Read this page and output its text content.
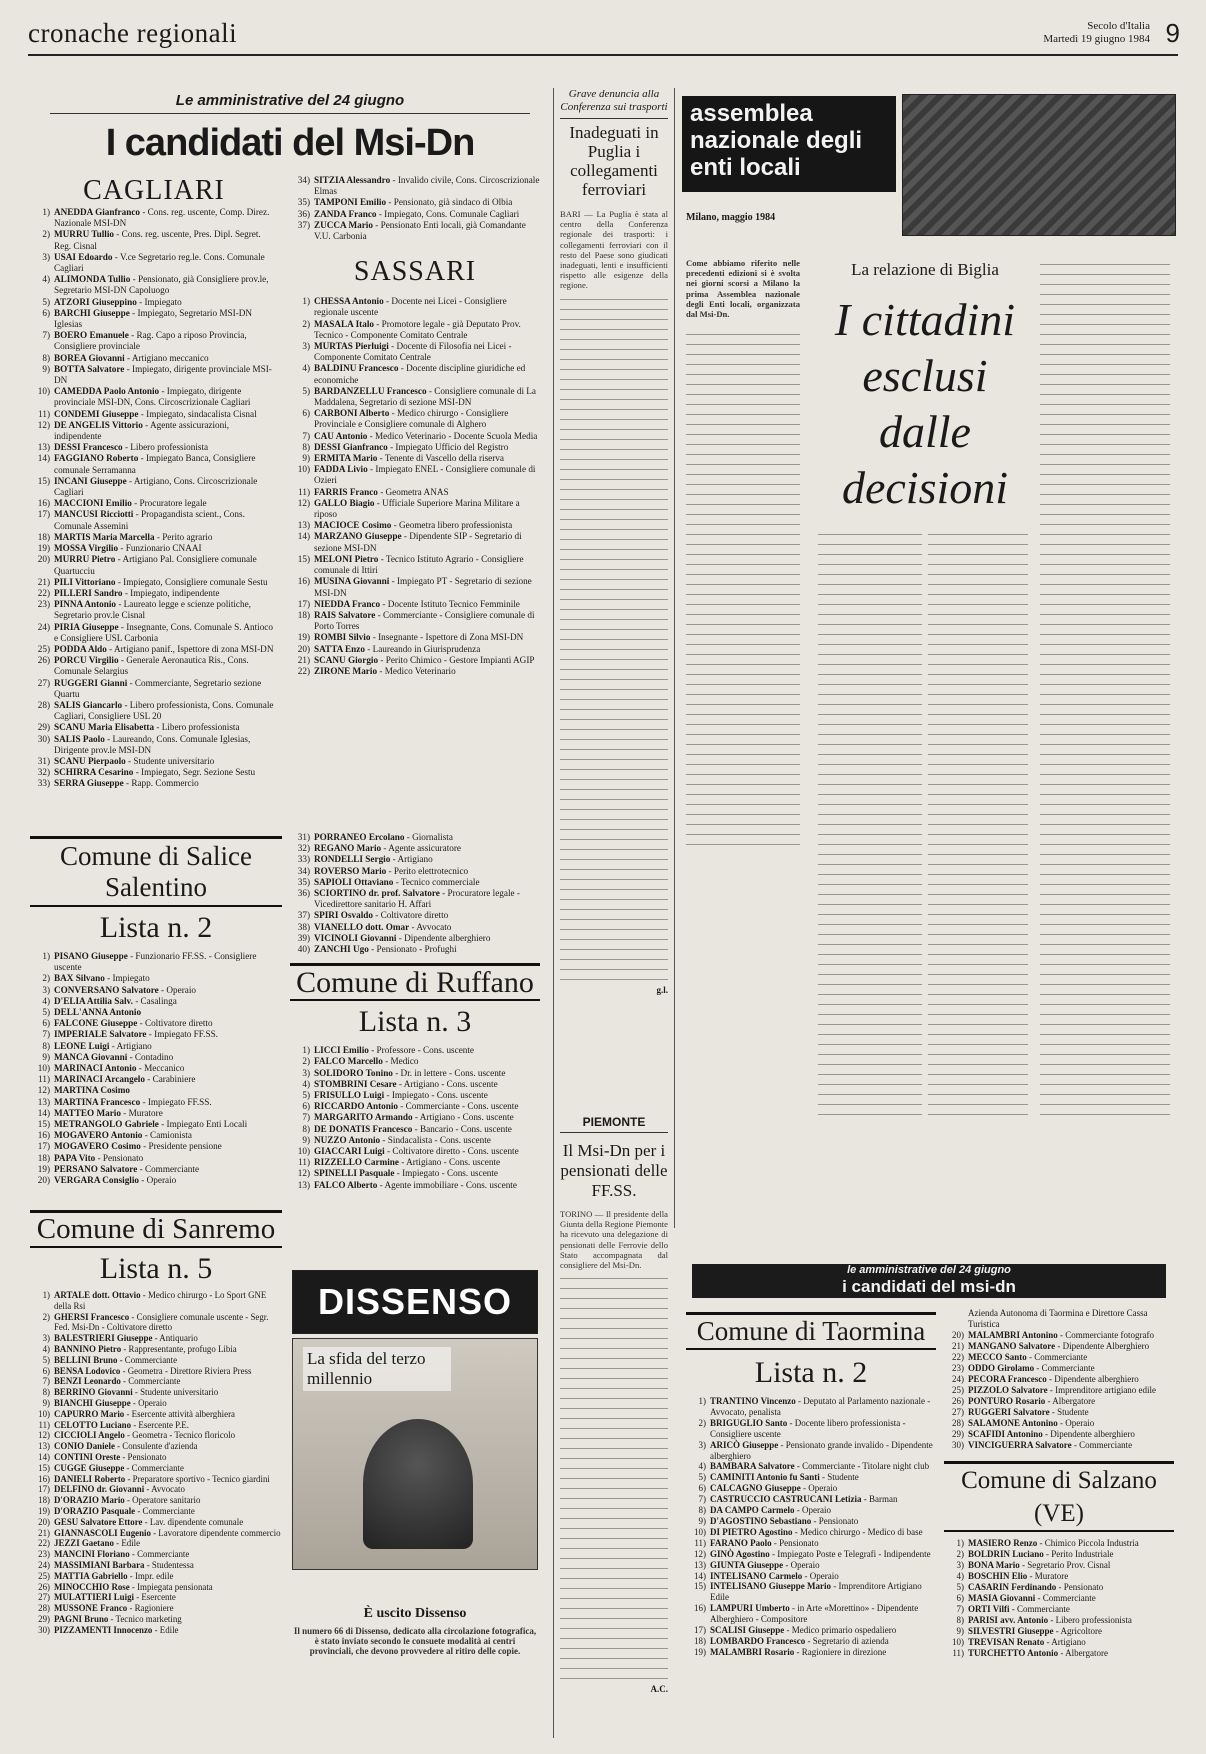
cronache regionali	Secolo d'Italia
Martedì 19 giugno 1984 9
Le amministrative del 24 giugno
I candidati del Msi-Dn
CAGLIARI
1) ANEDDA Gianfranco - Cons. reg. uscente, Comp. Direz. Nazionale MSI-DN
2) MURRU Tullio - Cons. reg. uscente, Pres. Dipl. Segret. Reg. Cisnal
3) USAI Edoardo - V.ce Segretario reg.le. Cons. Comunale Cagliari
4) ALIMONDA Tullio - Pensionato, già Consigliere prov.le, Segretario MSI-DN Capoluogo
5) ATZORI Giuseppino - Impiegato
6) BARCHI Giuseppe - Impiegato, Segretario MSI-DN Iglesias
7) BOERO Emanuele - Rag. Capo a riposo Provincia, Consigliere provinciale
8) BOREA Giovanni - Artigiano meccanico
9) BOTTA Salvatore - Impiegato, dirigente provinciale MSI-DN
10) CAMEDDA Paolo Antonio - Impiegato, dirigente provinciale MSI-DN, Cons. Circoscrizionale Cagliari
11) CONDEMI Giuseppe - Impiegato, sindacalista Cisnal
12) DE ANGELIS Vittorio - Agente assicurazioni, indipendente
13) DESSI Francesco - Libero professionista
14) FAGGIANO Roberto - Impiegato Banca, Consigliere comunale Serramanna
15) INCANI Giuseppe - Artigiano, Cons. Circoscrizionale Cagliari
16) MACCIONI Emilio - Procuratore legale
17) MANCUSI Ricciotti - Propagandista scient., Cons. Comunale Assemini
18) MARTIS Maria Marcella - Perito agrario
19) MOSSA Virgilio - Funzionario CNAAI
20) MURRU Pietro - Artigiano Pal. Consigliere comunale Quartucciu
21) PILI Vittoriano - Impiegato, Consigliere comunale Sestu
22) PILLERI Sandro - Impiegato, indipendente
23) PINNA Antonio - Laureato legge e scienze politiche, Segretario prov.le Cisnal
24) PIRIA Giuseppe - Insegnante, Cons. Comunale S. Antioco e Consigliere USL Carbonia
25) PODDA Aldo - Artigiano panif., Ispettore di zona MSI-DN
26) PORCU Virgilio - Generale Aeronautica Ris., Cons. Comunale Selargius
27) RUGGERI Gianni - Commerciante, Segretario sezione Quartu
28) SALIS Giancarlo - Libero professionista, Cons. Comunale Cagliari, Consigliere USL 20
29) SCANU Maria Elisabetta - Libero professionista
30) SALIS Paolo - Laureando, Cons. Comunale Iglesias, Dirigente prov.le MSI-DN
31) SCANU Pierpaolo - Studente universitario
32) SCHIRRA Cesarino - Impiegato, Segr. Sezione Sestu
33) SERRA Giuseppe - Rapp. Commercio
34) SITZIA Alessandro - Invalido civile, Cons. Circoscrizionale Elmas
35) TAMPONI Emilio - Pensionato, già sindaco di Olbia
36) ZANDA Franco - Impiegato, Cons. Comunale Cagliari
37) ZUCCA Mario - Pensionato Enti locali, già Comandante V.U. Carbonia
SASSARI
1) CHESSA Antonio - Docente nei Licei - Consigliere regionale uscente
2) MASALA Italo - Promotore legale - già Deputato Prov. Tecnico - Componente Comitato Centrale
3) MURTAS Pierluigi - Docente di Filosofia nei Licei - Componente Comitato Centrale
4) BALDINU Francesco - Docente discipline giuridiche ed economiche
5) BARDANZELLU Francesco - Consigliere comunale di La Maddalena, Segretario di sezione MSI-DN
6) CARBONI Alberto - Medico chirurgo - Consigliere Provinciale e Consigliere comunale di Alghero
7) CAU Antonio - Medico Veterinario - Docente Scuola Media
8) DESSI Gianfranco - Impiegato Ufficio del Registro
9) ERMITA Mario - Tenente di Vascello della riserva
10) FADDA Livio - Impiegato ENEL - Consigliere comunale di Ozieri
11) FARRIS Franco - Geometra ANAS
12) GALLO Biagio - Ufficiale Superiore Marina Militare a riposo
13) MACIOCE Cosimo - Geometra libero professionista
14) MARZANO Giuseppe - Dipendente SIP - Segretario di sezione MSI-DN
15) MELONI Pietro - Tecnico Istituto Agrario - Consigliere comunale di Ittiri
16) MUSINA Giovanni - Impiegato PT - Segretario di sezione MSI-DN
17) NIEDDA Franco - Docente Istituto Tecnico Femminile
18) RAIS Salvatore - Commerciante - Consigliere comunale di Porto Torres
19) ROMBI Silvio - Insegnante - Ispettore di Zona MSI-DN
20) SATTA Enzo - Laureando in Giurisprudenza
21) SCANU Giorgio - Perito Chimico - Gestore Impianti AGIP
22) ZIRONE Mario - Medico Veterinario
Comune di Salice Salentino
Lista n. 2
1) PISANO Giuseppe - Funzionario FF.SS. - Consigliere uscente
2) BAX Silvano - Impiegato
3) CONVERSANO Salvatore - Operaio
4) D'ELIA Attilia Salv. - Casalinga
5) DELL'ANNA Antonio
6) FALCONE Giuseppe - Coltivatore diretto
7) IMPERIALE Salvatore - Impiegato FF.SS.
8) LEONE Luigi - Artigiano
9) MANCA Giovanni - Contadino
10) MARINACI Antonio - Meccanico
11) MARINACI Arcangelo - Carabiniere
12) MARTINA Cosimo
13) MARTINA Francesco - Impiegato FF.SS.
14) MATTEO Mario - Muratore
15) METRANGOLO Gabriele - Impiegato Enti Locali
16) MOGAVERO Antonio - Camionista
17) MOGAVERO Cosimo - Presidente pensione
18) PAPA Vito - Pensionato
19) PERSANO Salvatore - Commerciante
20) VERGARA Consiglio - Operaio
31) PORRANEO Ercolano - Giornalista
32) REGANO Mario - Agente assicuratore
33) RONDELLI Sergio - Artigiano
34) ROVERSO Mario - Perito elettrotecnico
35) SAPIOLI Ottaviano - Tecnico commerciale
36) SCIORTINO dr. prof. Salvatore - Procuratore legale - Vicedirettore sanitario H. Affari
37) SPIRI Osvaldo - Coltivatore diretto
38) VIANELLO dott. Omar - Avvocato
39) VICINOLI Giovanni - Dipendente alberghiero
40) ZANCHI Ugo - Pensionato - Profughi
Comune di Ruffano
Lista n. 3
1) LICCI Emilio - Professore - Cons. uscente
2) FALCO Marcello - Medico
3) SOLIDORO Tonino - Dr. in lettere - Cons. uscente
4) STOMBRINI Cesare - Artigiano - Cons. uscente
5) FRISULLO Luigi - Impiegato - Cons. uscente
6) RICCARDO Antonio - Commerciante - Cons. uscente
7) MARGARITO Armando - Artigiano - Cons. uscente
8) DE DONATIS Francesco - Bancario - Cons. uscente
9) NUZZO Antonio - Sindacalista - Cons. uscente
10) GIACCARI Luigi - Coltivatore diretto - Cons. uscente
11) RIZZELLO Carmine - Artigiano - Cons. uscente
12) SPINELLI Pasquale - Impiegato - Cons. uscente
13) FALCO Alberto - Agente immobiliare - Cons. uscente
Comune di Sanremo
Lista n. 5
1) ARTALE dott. Ottavio - Medico chirurgo - Lo Sport GNE della Rsi
2) GHERSI Francesco - Consigliere comunale uscente - Segr. Fed. Msi-Dn - Coltivatore diretto
3) BALESTRIERI Giuseppe - Antiquario
4) BANNINO Pietro - Rappresentante, profugo Libia
5) BELLINI Bruno - Commerciante
6) BENSA Lodovico - Geometra - Direttore Riviera Press
7) BENZI Leonardo - Commerciante
8) BERRINO Giovanni - Studente universitario
9) BIANCHI Giuseppe - Operaio
10) CAPURRO Mario - Esercente attività alberghiera
11) CELOTTO Luciano - Esercente P.E.
12) CICCIOLI Angelo - Geometra - Tecnico floricolo
13) CONIO Daniele - Consulente d'azienda
14) CONTINI Oreste - Pensionato
15) CUGGE Giuseppe - Commerciante
16) DANIELI Roberto - Preparatore sportivo - Tecnico giardini
17) DELFINO dr. Giovanni - Avvocato
18) D'ORAZIO Mario - Operatore sanitario
19) D'ORAZIO Pasquale - Commerciante
20) GESU Salvatore Ettore - Lav. dipendente comunale
21) GIANNASCOLI Eugenio - Lavoratore dipendente commercio
22) JEZZI Gaetano - Edile
23) MANCINI Floriano - Commerciante
24) MASSIMIANI Barbara - Studentessa
25) MATTIA Gabriello - Impr. edile
26) MINOCCHIO Rose - Impiegata pensionata
27) MULATTIERI Luigi - Esercente
28) MUSSONE Franco - Ragioniere
29) PAGNI Bruno - Tecnico marketing
30) PIZZAMENTI Innocenzo - Edile
DISSENSO
La sfida del terzo millennio
È uscito Dissenso
Il numero 66 di Dissenso, dedicato alla circolazione fotografica, è stato inviato secondo le consuete modalità ai centri provinciali, che devono provvedere al ritiro delle copie.
Grave denuncia alla Conferenza sui trasporti
Inadeguati in Puglia i collegamenti ferroviari
BARI — La Puglia è stata al centro della Conferenza regionale dei trasporti: i collegamenti ferroviari con il resto del Paese sono giudicati inadeguati, lenti e insufficienti rispetto alle esigenze della regione.
g.l.
PIEMONTE
Il Msi-Dn per i pensionati delle FF.SS.
TORINO — Il presidente della Giunta della Regione Piemonte ha ricevuto una delegazione di pensionati delle Ferrovie dello Stato accompagnata dal consigliere del Msi-Dn.
A.C.
assemblea nazionale degli enti locali
Milano, maggio 1984
Come abbiamo riferito nelle precedenti edizioni si è svolta nei giorni scorsi a Milano la prima Assemblea nazionale degli Enti locali, organizzata dal Msi-Dn.
La relazione di Biglia
I cittadini esclusi dalle decisioni
le amministrative del 24 giugno
i candidati del msi-dn
Comune di Taormina
Lista n. 2
1) TRANTINO Vincenzo - Deputato al Parlamento nazionale - Avvocato, penalista
2) BRIGUGLIO Santo - Docente libero professionista - Consigliere uscente
3) ARICÒ Giuseppe - Pensionato grande invalido - Dipendente alberghiero
4) BAMBARA Salvatore - Commerciante - Titolare night club
5) CAMINITI Antonio fu Santi - Studente
6) CALCAGNO Giuseppe - Operaio
7) CASTRUCCIO CASTRUCANI Letizia - Barman
8) DA CAMPO Carmelo - Operaio
9) D'AGOSTINO Sebastiano - Pensionato
10) DI PIETRO Agostino - Medico chirurgo - Medico di base
11) FARANO Paolo - Pensionato
12) GINÒ Agostino - Impiegato Poste e Telegrafi - Indipendente
13) GIUNTA Giuseppe - Operaio
14) INTELISANO Carmelo - Operaio
15) INTELISANO Giuseppe Mario - Imprenditore Artigiano Edile
16) LAMPURI Umberto - in Arte «Morettino» - Dipendente Alberghiero - Compositore
17) SCALISI Giuseppe - Medico primario ospedaliero
18) LOMBARDO Francesco - Segretario di azienda
19) MALAMBRI Rosario - Ragioniere in direzione
Azienda Autonoma di Taormina e Direttore Cassa Turistica
20) MALAMBRI Antonino - Commerciante fotografo
21) MANGANO Salvatore - Dipendente Alberghiero
22) MECCO Santo - Commerciante
23) ODDO Girolamo - Commerciante
24) PECORA Francesco - Dipendente alberghiero
25) PIZZOLO Salvatore - Imprenditore artigiano edile
26) PONTURO Rosario - Albergatore
27) RUGGERI Salvatore - Studente
28) SALAMONE Antonino - Operaio
29) SCAFIDI Antonino - Dipendente alberghiero
30) VINCIGUERRA Salvatore - Commerciante
Comune di Salzano (VE)
1) MASIERO Renzo - Chimico Piccola Industria
2) BOLDRIN Luciano - Perito Industriale
3) BONA Mario - Segretario Prov. Cisnal
4) BOSCHIN Elio - Muratore
5) CASARIN Ferdinando - Pensionato
6) MASIA Giovanni - Commerciante
7) ORTI Vilfi - Commerciante
8) PARISI avv. Antonio - Libero professionista
9) SILVESTRI Giuseppe - Agricoltore
10) TREVISAN Renato - Artigiano
11) TURCHETTO Antonio - Albergatore
